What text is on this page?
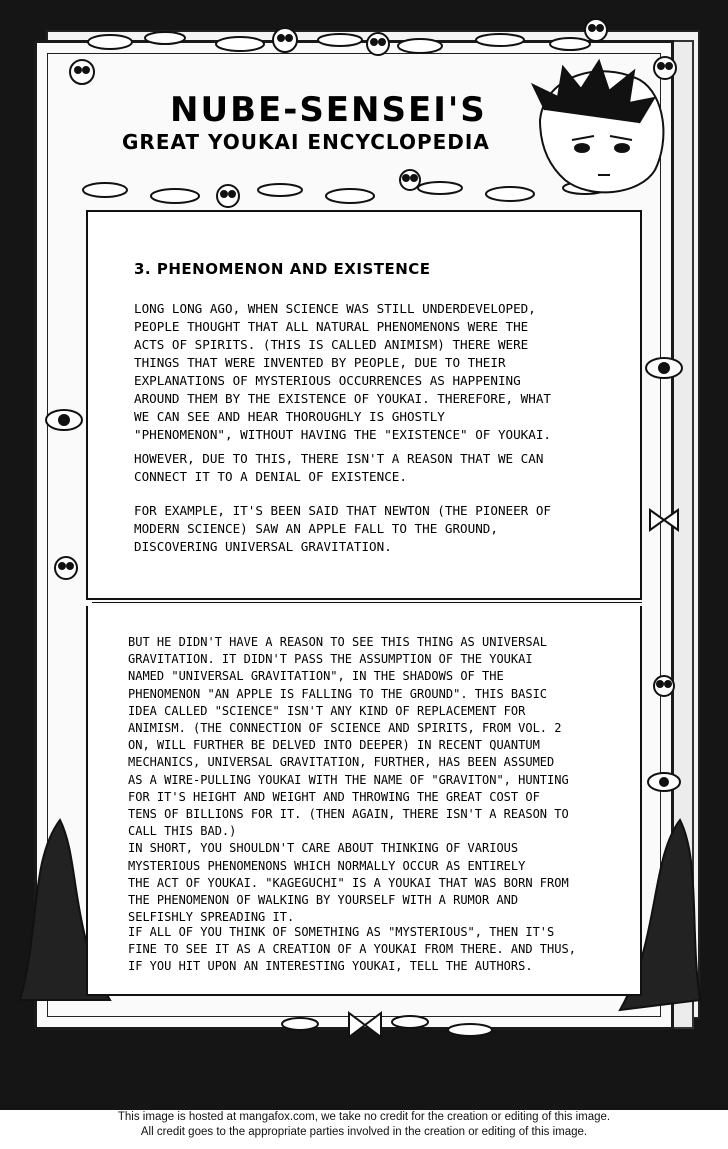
NUBE-SENSEI'S
GREAT YOUKAI ENCYCLOPEDIA
3. PHENOMENON AND EXISTENCE
LONG LONG AGO, WHEN SCIENCE WAS STILL UNDERDEVELOPED,
PEOPLE THOUGHT THAT ALL NATURAL PHENOMENONS WERE THE
ACTS OF SPIRITS. (THIS IS CALLED ANIMISM) THERE WERE
THINGS THAT WERE INVENTED BY PEOPLE, DUE TO THEIR
EXPLANATIONS OF MYSTERIOUS OCCURRENCES AS HAPPENING
AROUND THEM BY THE EXISTENCE OF YOUKAI. THEREFORE, WHAT
WE CAN SEE AND HEAR THOROUGHLY IS GHOSTLY
"PHENOMENON", WITHOUT HAVING THE "EXISTENCE" OF YOUKAI.
HOWEVER, DUE TO THIS, THERE ISN'T A REASON THAT WE CAN
CONNECT IT TO A DENIAL OF EXISTENCE.
FOR EXAMPLE, IT'S BEEN SAID THAT NEWTON (THE PIONEER OF
MODERN SCIENCE) SAW AN APPLE FALL TO THE GROUND,
DISCOVERING UNIVERSAL GRAVITATION.
BUT HE DIDN'T HAVE A REASON TO SEE THIS THING AS UNIVERSAL
GRAVITATION. IT DIDN'T PASS THE ASSUMPTION OF THE YOUKAI
NAMED "UNIVERSAL GRAVITATION", IN THE SHADOWS OF THE
PHENOMENON "AN APPLE IS FALLING TO THE GROUND". THIS BASIC
IDEA CALLED "SCIENCE" ISN'T ANY KIND OF REPLACEMENT FOR
ANIMISM. (THE CONNECTION OF SCIENCE AND SPIRITS, FROM VOL. 2
ON, WILL FURTHER BE DELVED INTO DEEPER) IN RECENT QUANTUM
MECHANICS, UNIVERSAL GRAVITATION, FURTHER, HAS BEEN ASSUMED
AS A WIRE-PULLING YOUKAI WITH THE NAME OF "GRAVITON", HUNTING
FOR IT'S HEIGHT AND WEIGHT AND THROWING THE GREAT COST OF
TENS OF BILLIONS FOR IT. (THEN AGAIN, THERE ISN'T A REASON TO
CALL THIS BAD.)
IN SHORT, YOU SHOULDN'T CARE ABOUT THINKING OF VARIOUS
MYSTERIOUS PHENOMENONS WHICH NORMALLY OCCUR AS ENTIRELY
THE ACT OF YOUKAI. "KAGEGUCHI" IS A YOUKAI THAT WAS BORN FROM
THE PHENOMENON OF WALKING BY YOURSELF WITH A RUMOR AND
SELFISHLY SPREADING IT.
IF ALL OF YOU THINK OF SOMETHING AS "MYSTERIOUS", THEN IT'S
FINE TO SEE IT AS A CREATION OF A YOUKAI FROM THERE. AND THUS,
IF YOU HIT UPON AN INTERESTING YOUKAI, TELL THE AUTHORS.
This image is hosted at mangafox.com, we take no credit for the creation or editing of this image.
All credit goes to the appropriate parties involved in the creation or editing of this image.
